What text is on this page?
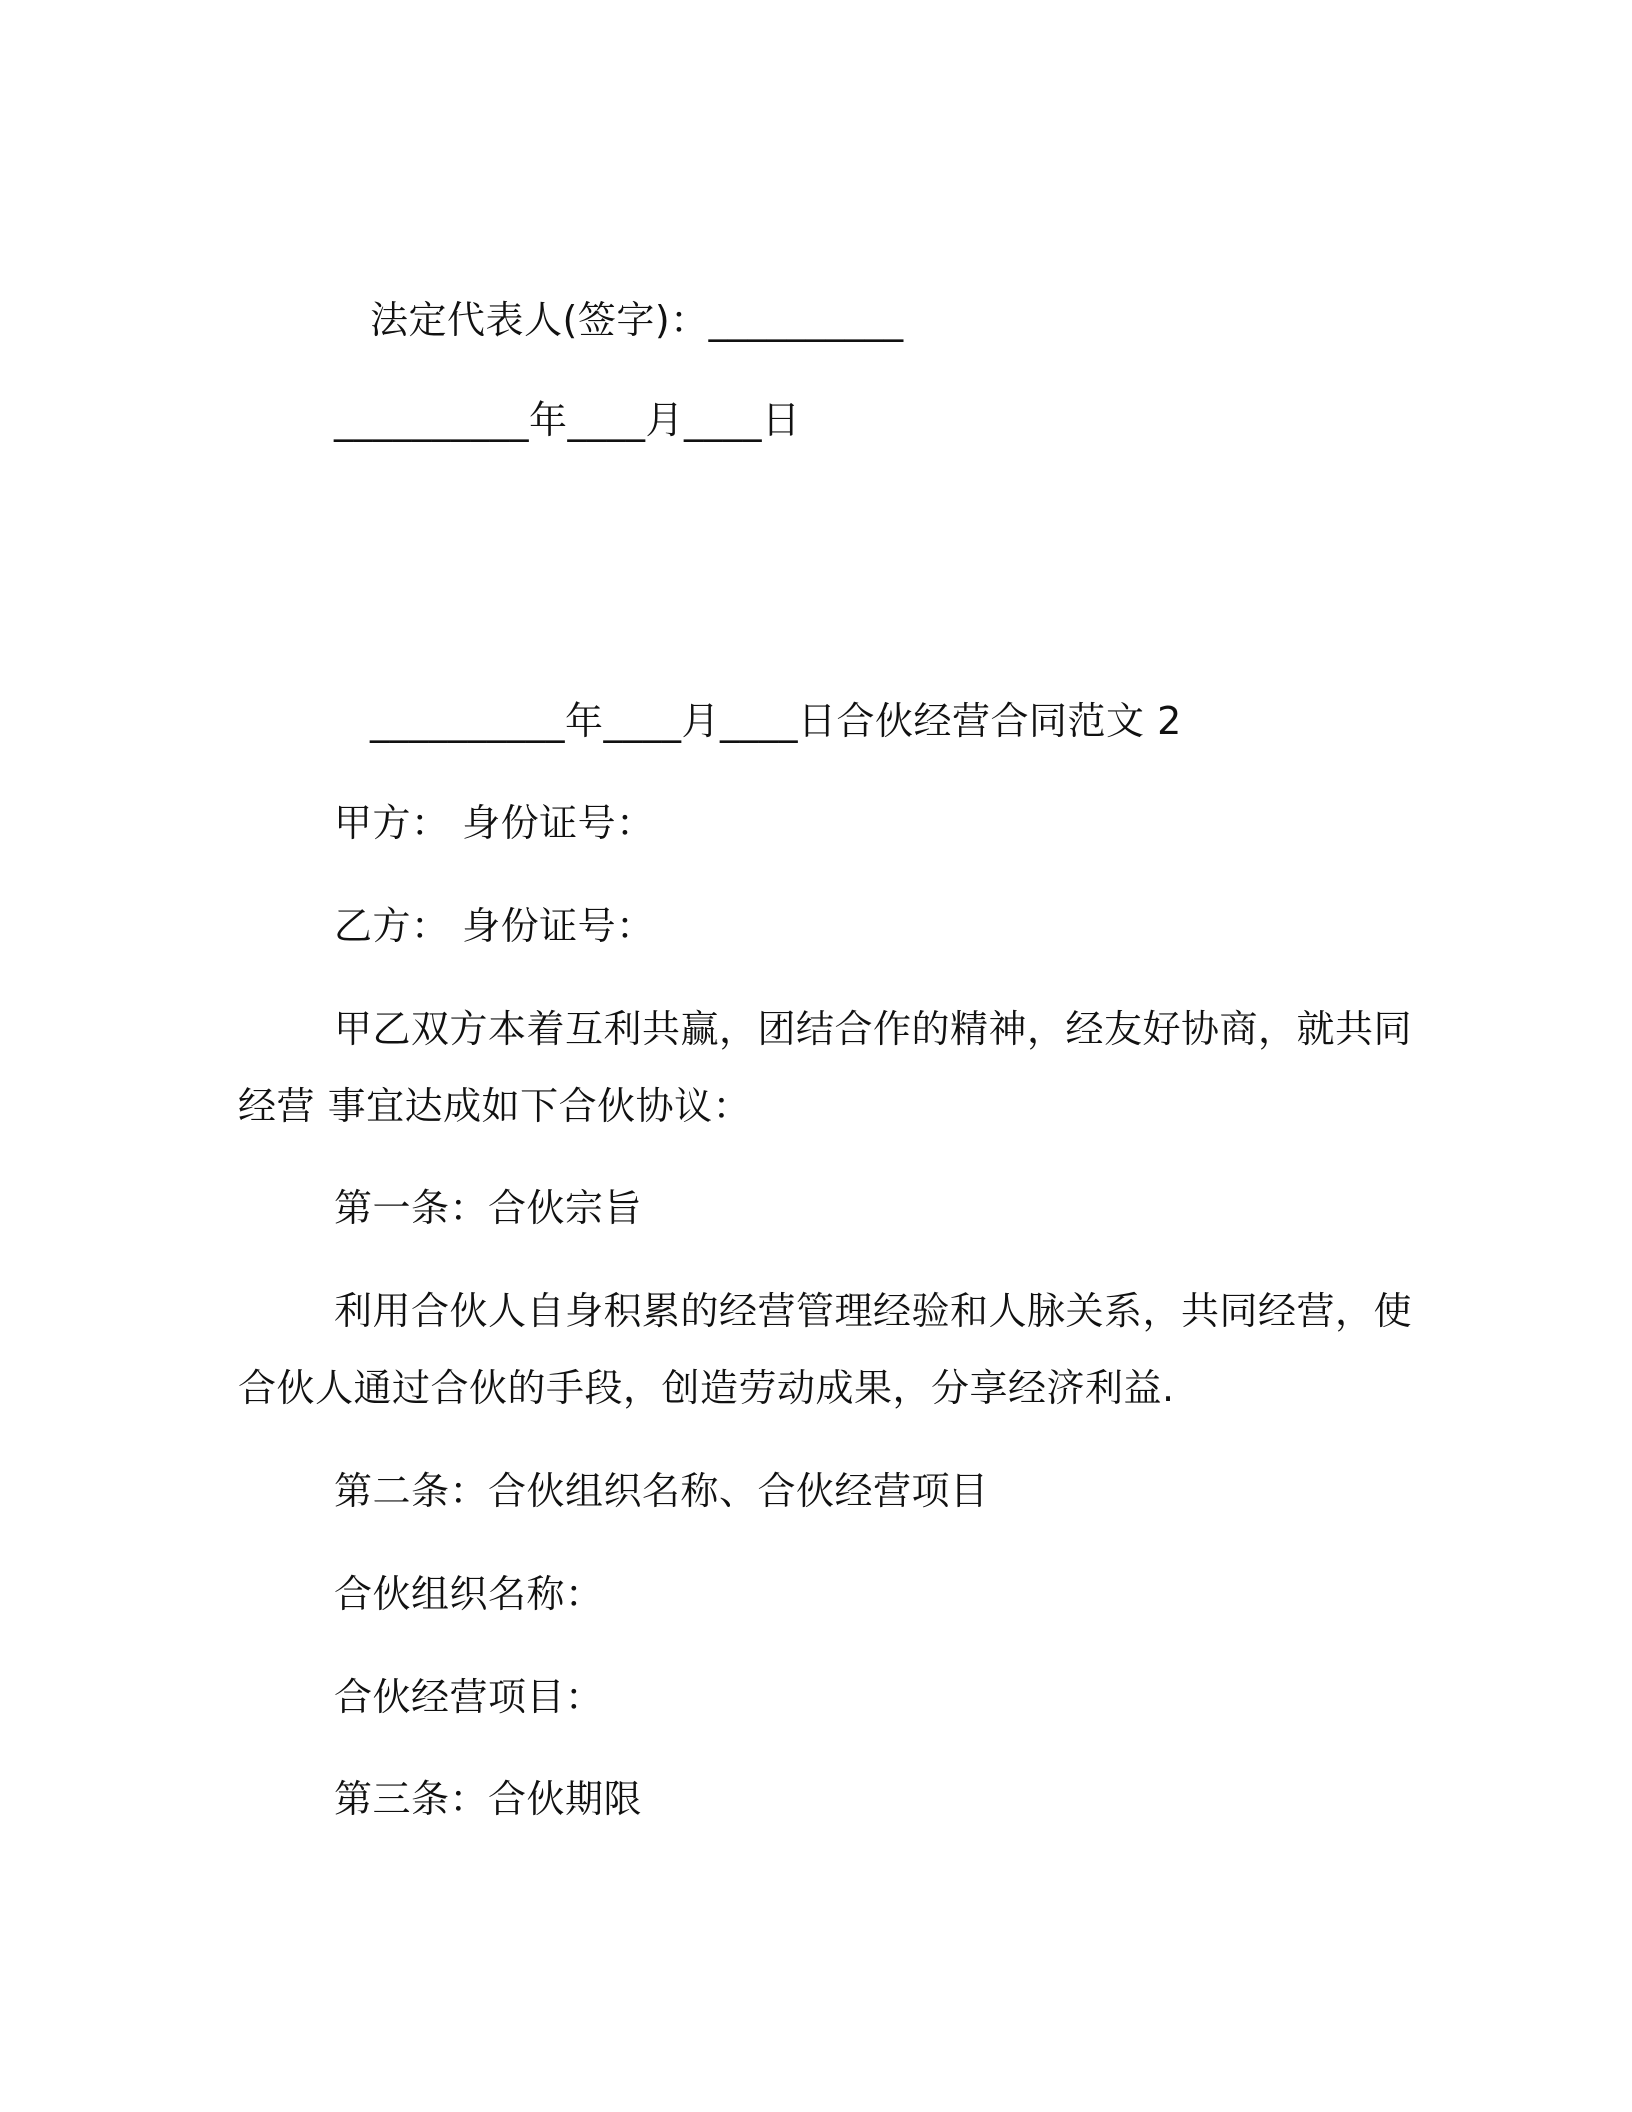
法定代表人(签字)：__________
__________年____月____日
__________年____月____日合伙经营合同范文 2
甲方： 身份证号：
乙方： 身份证号：
甲乙双方本着互利共赢，团结合作的精神，经友好协商，就共同
经营 事宜达成如下合伙协议：
第一条：合伙宗旨
利用合伙人自身积累的经营管理经验和人脉关系，共同经营，使
合伙人通过合伙的手段，创造劳动成果，分享经济利益.
第二条：合伙组织名称、合伙经营项目
合伙组织名称：
合伙经营项目：
第三条：合伙期限
